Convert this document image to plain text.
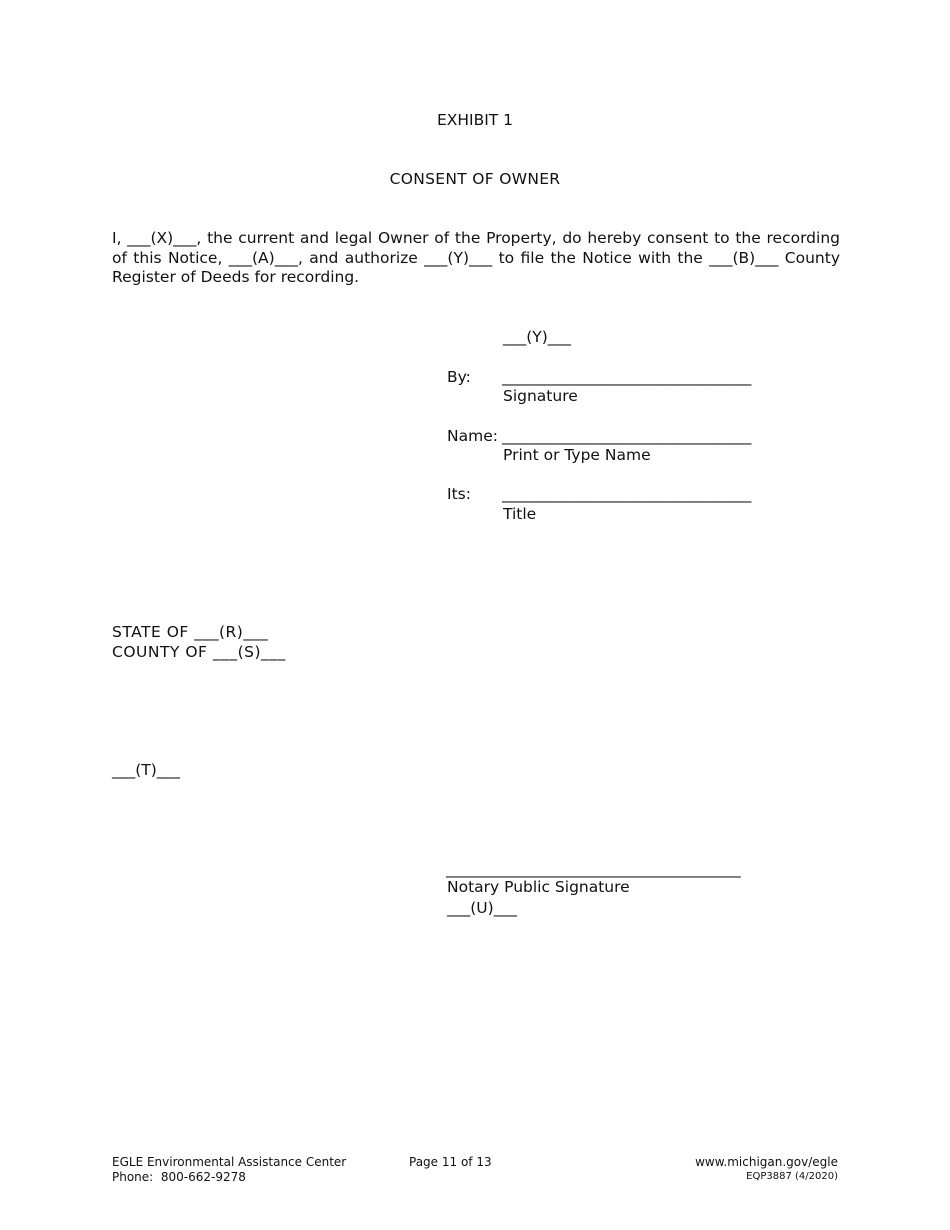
EXHIBIT 1
CONSENT OF OWNER
I, ___(X)___, the current and legal Owner of the Property, do hereby consent to the recording of this Notice, ___(A)___, and authorize ___(Y)___ to file the Notice with the ___(B)___ County Register of Deeds for recording.
___(Y)___
By: _________________________________
Signature
Name: _________________________________
Print or Type Name
Its: _________________________________
Title
STATE OF ___(R)___
COUNTY OF ___(S)___
___(T)___
_______________________________________
Notary Public Signature
___(U)___
EGLE Environmental Assistance Center
Phone:  800-662-9278
Page 11 of 13	www.michigan.gov/egle
EQP3887 (4/2020)
